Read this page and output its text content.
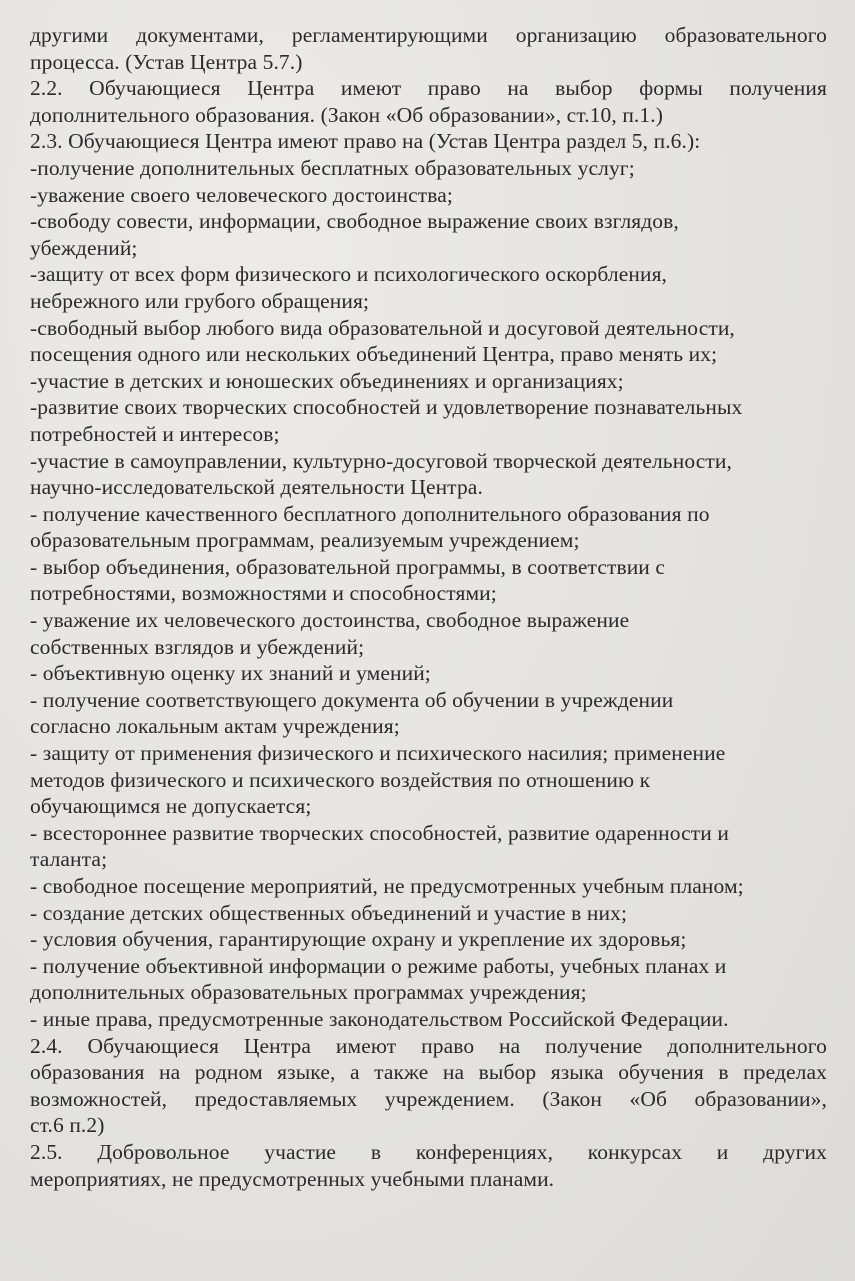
другими документами, регламентирующими организацию образовательного
процесса. (Устав Центра 5.7.)
2.2. Обучающиеся Центра имеют право на выбор формы получения
дополнительного образования. (Закон «Об образовании», ст.10, п.1.)
2.3. Обучающиеся Центра имеют право на (Устав Центра раздел 5, п.6.):
-получение дополнительных бесплатных образовательных услуг;
-уважение своего человеческого достоинства;
-свободу совести, информации, свободное выражение своих взглядов,
убеждений;
-защиту от всех форм физического и психологического оскорбления,
небрежного или грубого обращения;
-свободный выбор любого вида образовательной и досуговой деятельности,
посещения одного или нескольких объединений Центра, право менять их;
-участие в детских и юношеских объединениях и организациях;
-развитие своих творческих способностей и удовлетворение познавательных
потребностей и интересов;
-участие в самоуправлении, культурно-досуговой творческой деятельности,
научно-исследовательской деятельности Центра.
- получение качественного бесплатного дополнительного образования по
образовательным программам, реализуемым учреждением;
- выбор объединения, образовательной программы, в соответствии с
потребностями, возможностями и способностями;
- уважение их человеческого достоинства, свободное выражение
собственных взглядов и убеждений;
- объективную оценку их знаний и умений;
- получение соответствующего документа об обучении в учреждении
согласно локальным актам учреждения;
- защиту от применения физического и психического насилия; применение
методов физического и психического воздействия по отношению к
обучающимся не допускается;
- всестороннее развитие творческих способностей, развитие одаренности и
таланта;
- свободное посещение мероприятий, не предусмотренных учебным планом;
- создание детских общественных объединений и участие в них;
- условия обучения, гарантирующие охрану и укрепление их здоровья;
- получение объективной информации о режиме работы, учебных планах и
дополнительных образовательных программах учреждения;
- иные права, предусмотренные законодательством Российской Федерации.
2.4. Обучающиеся Центра имеют право на получение дополнительного
образования на родном языке, а также на выбор языка обучения в пределах
возможностей, предоставляемых учреждением. (Закон «Об образовании»,
ст.6 п.2)
2.5. Добровольное участие в конференциях, конкурсах и других
мероприятиях, не предусмотренных учебными планами.
